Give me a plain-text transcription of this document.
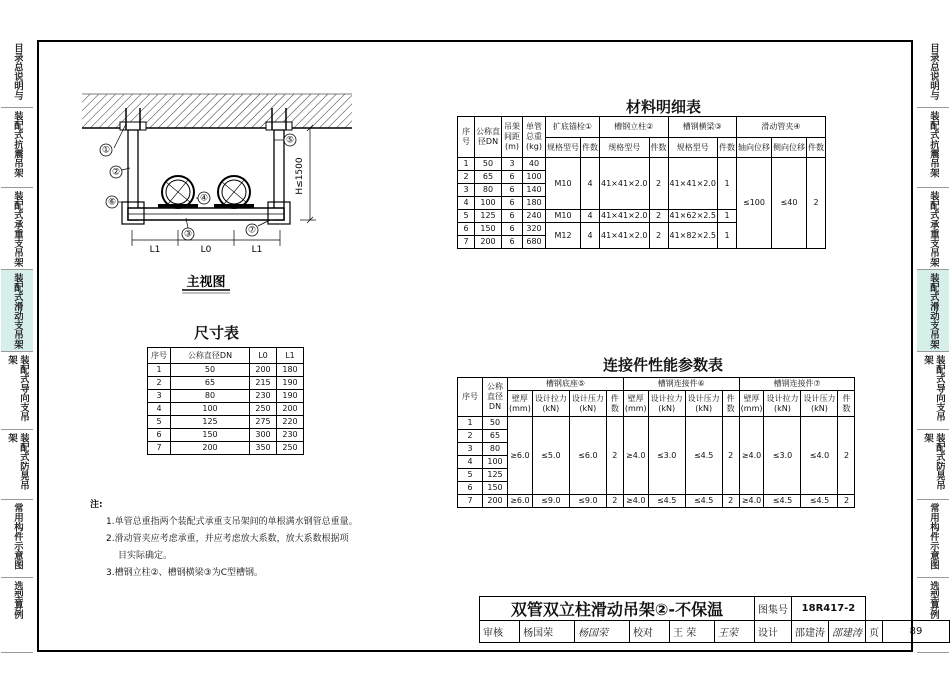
目录总说明与
装配式抗震吊架
装配式承重支吊架
装配式滑动支吊架
装配式导向支吊架
装配式防晃吊架
常用构件示意图
选型算例
目录总说明与
装配式抗震吊架
装配式承重支吊架
装配式滑动支吊架
装配式导向支吊架
装配式防晃吊架
常用构件示意图
选型算例
①
②
③
④
⑤
⑥
⑦
H≤1500
L1	L0	L1
主视图
尺寸表
序号	公称直径DN	L0	L1
1	50	200	180
2	65	215	190
3	80	230	190
4	100	250	200
5	125	275	220
6	150	300	230
7	200	350	250
材料明细表
序号	公称直径DN	吊架间距(m)	单管总重(kg)	扩底锚栓①		槽钢立柱②		槽钢横梁③		滑动管夹④		
				规格型号	件数	规格型号	件数	规格型号	件数	轴向位移	侧向位移	件数
1	50	3	40	M10	4	41×41×2.0	2	41×41×2.0	1	≤100	≤40	2
2	65	6	100									
3	80	6	140									
4	100	6	180									
5	125	6	240	M10	4	41×41×2.0	2	41×62×2.5	1			
6	150	6	320	M12	4	41×41×2.0	2	41×82×2.5	1			
7	200	6	680									
连接件性能参数表
序号	公称直径DN	槽钢底座⑤				槽钢连接件⑥				槽钢连接件⑦			
		壁厚(mm)	设计拉力(kN)	设计压力(kN)	件数	壁厚(mm)	设计拉力(kN)	设计压力(kN)	件数	壁厚(mm)	设计拉力(kN)	设计压力(kN)	件数
1	50	≥6.0	≤5.0	≤6.0	2	≥4.0	≤3.0	≤4.5	2	≥4.0	≤3.0	≤4.0	2
2	65												
3	80												
4	100												
5	125												
6	150												
7	200	≥6.0	≤9.0	≤9.0	2	≥4.0	≤4.5	≤4.5	2	≥4.0	≤4.5	≤4.5	2
注:
1.单管总重指两个装配式承重支吊架间的单根满水钢管总重量。
2.滑动管夹应考虑承重，并应考虑放大系数，放大系数根据项
目实际确定。
3.槽钢立柱②、槽钢横梁③为C型槽钢。
双管双立柱滑动吊架②-不保温						图集号	18R417-2			
审核	杨国荣	杨国荣	校对	王 荣	王荣	设计	邵建涛	邵建涛	页	89
